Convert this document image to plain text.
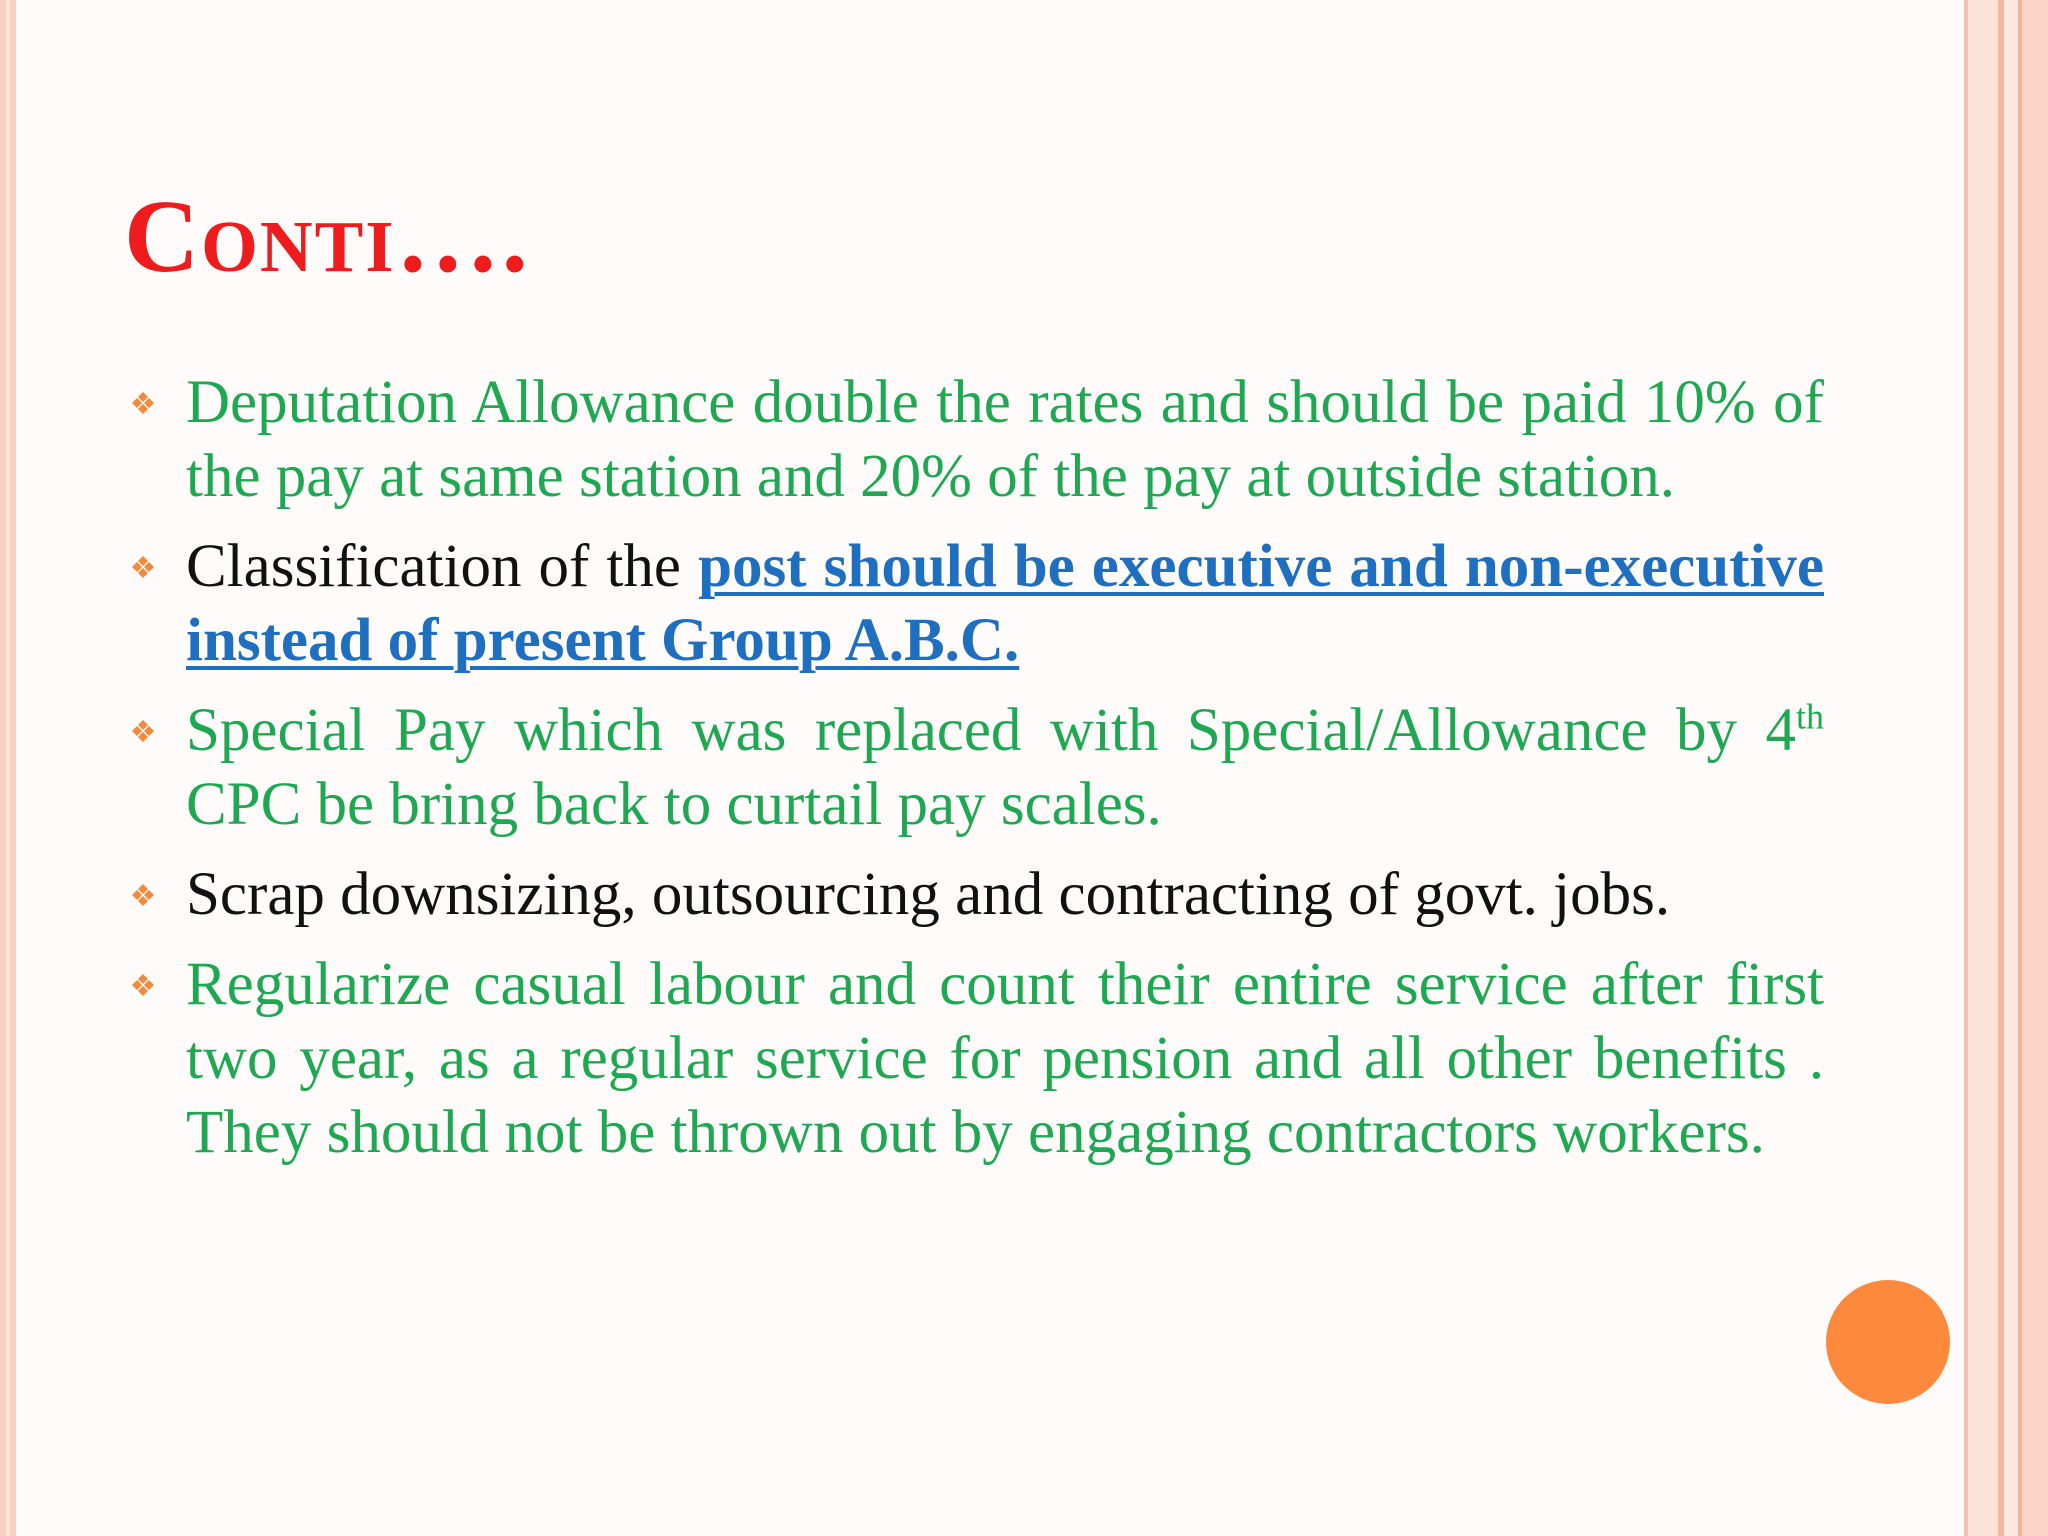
Conti….
Deputation Allowance double the rates and should be paid 10% of the pay at same station and 20% of the pay at outside station.
Classification of the post should be executive and non-executive instead of present Group A.B.C.
Special Pay which was replaced with Special/Allowance by 4th CPC be bring back to curtail pay scales.
Scrap downsizing, outsourcing and contracting of govt. jobs.
Regularize casual labour and count their entire service after first two year, as a regular service for pension and all other benefits . They should not be thrown out by engaging contractors workers.
